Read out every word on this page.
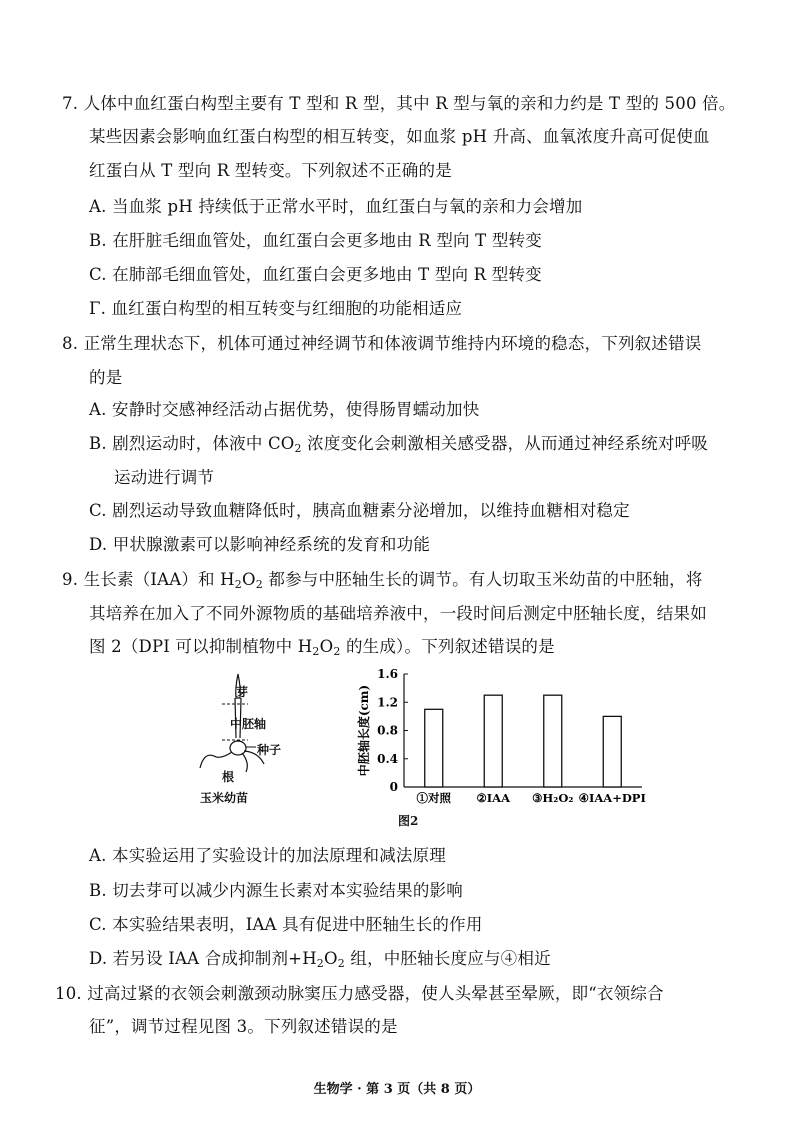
7. 人体中血红蛋白构型主要有 T 型和 R 型，其中 R 型与氧的亲和力约是 T 型的 500 倍。
某些因素会影响血红蛋白构型的相互转变，如血浆 pH 升高、血氧浓度升高可促使血
红蛋白从 T 型向 R 型转变。下列叙述不正确的是
A. 当血浆 pH 持续低于正常水平时，血红蛋白与氧的亲和力会增加
B. 在肝脏毛细血管处，血红蛋白会更多地由 R 型向 T 型转变
C. 在肺部毛细血管处，血红蛋白会更多地由 T 型向 R 型转变
Γ. 血红蛋白构型的相互转变与红细胞的功能相适应
8. 正常生理状态下，机体可通过神经调节和体液调节维持内环境的稳态，下列叙述错误
的是
A. 安静时交感神经活动占据优势，使得肠胃蠕动加快
B. 剧烈运动时，体液中 $CO_2$ 浓度变化会刺激相关感受器，从而通过神经系统对呼吸
运动进行调节
C. 剧烈运动导致血糖降低时，胰高血糖素分泌增加，以维持血糖相对稳定
D. 甲状腺激素可以影响神经系统的发育和功能
9. 生长素（IAA）和 $H_2O_2$ 都参与中胚轴生长的调节。有人切取玉米幼苗的中胚轴，将
其培养在加入了不同外源物质的基础培养液中，一段时间后测定中胚轴长度，结果如
图 2（DPI 可以抑制植物中 $H_2O_2$ 的生成）。下列叙述错误的是
芽
中胚轴
种子
根
玉米幼苗
1.6
1.2
0.8
0.4
0
中胚轴长度(cm)
①对照 ②IAA ③H₂O₂ ④IAA+DPI
图2
A. 本实验运用了实验设计的加法原理和减法原理
B. 切去芽可以减少内源生长素对本实验结果的影响
C. 本实验结果表明，IAA 具有促进中胚轴生长的作用
D. 若另设 IAA 合成抑制剂$+H_2O_2$ 组，中胚轴长度应与④相近
10. 过高过紧的衣领会刺激颈动脉窦压力感受器，使人头晕甚至晕厥，即“衣领综合
征”，调节过程见图 3。下列叙述错误的是
生物学 · 第 3 页（共 8 页）
